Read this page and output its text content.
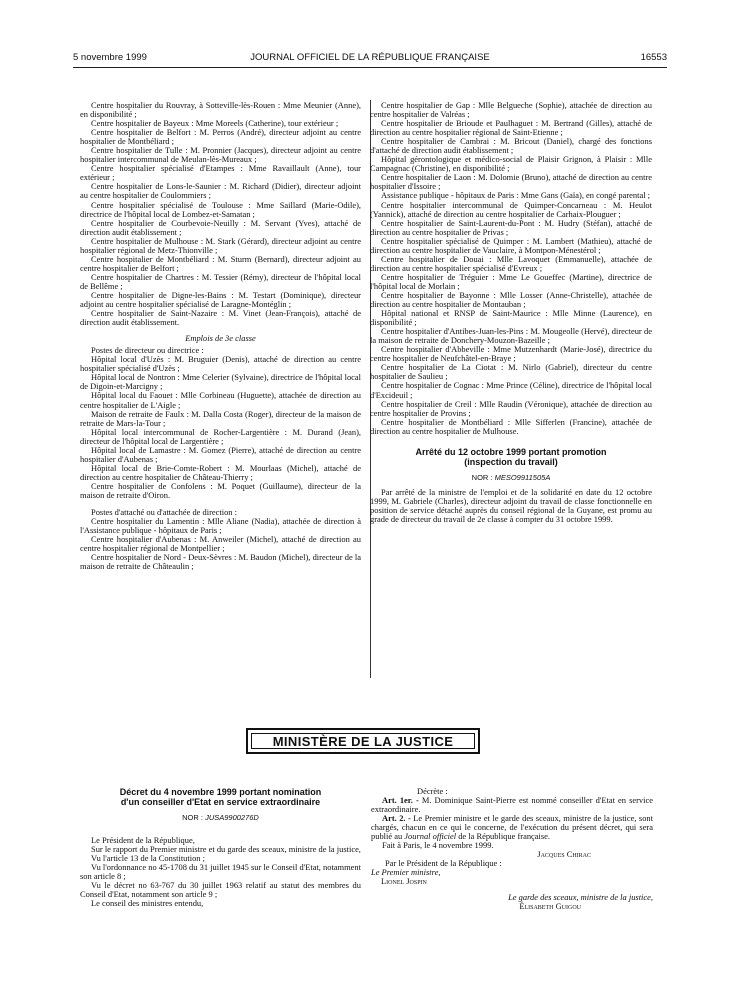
5 novembre 1999	JOURNAL OFFICIEL DE LA RÉPUBLIQUE FRANÇAISE	16553

Centre hospitalier du Rouvray, à Sotteville-lès-Rouen : Mme Meunier (Anne), en disponibilité ;

Centre hospitalier de Bayeux : Mme Moreels (Catherine), tour extérieur ;

Centre hospitalier de Belfort : M. Perros (André), directeur adjoint au centre hospitalier de Montbéliard ;

Centre hospitalier de Tulle : M. Pronnier (Jacques), directeur adjoint au centre hospitalier intercommunal de Meulan-lès-Mureaux ;

Centre hospitalier spécialisé d'Etampes : Mme Ravaillault (Anne), tour extérieur ;

Centre hospitalier de Lons-le-Saunier : M. Richard (Didier), directeur adjoint au centre hospitalier de Coulommiers ;

Centre hospitalier spécialisé de Toulouse : Mme Saillard (Marie-Odile), directrice de l'hôpital local de Lombez-et-Samatan ;

Centre hospitalier de Courbevoie-Neuilly : M. Servant (Yves), attaché de direction audit établissement ;

Centre hospitalier de Mulhouse : M. Stark (Gérard), directeur adjoint au centre hospitalier régional de Metz-Thionville ;

Centre hospitalier de Montbéliard : M. Sturm (Bernard), directeur adjoint au centre hospitalier de Belfort ;

Centre hospitalier de Chartres : M. Tessier (Rémy), directeur de l'hôpital local de Bellême ;

Centre hospitalier de Digne-les-Bains : M. Testart (Dominique), directeur adjoint au centre hospitalier spécialisé de Laragne-Montéglin ;

Centre hospitalier de Saint-Nazaire : M. Vinet (Jean-François), attaché de direction audit établissement.

Emplois de 3e classe

Postes de directeur ou directrice :

Hôpital local d'Uzès : M. Bruguier (Denis), attaché de direction au centre hospitalier spécialisé d'Uzès ;

Hôpital local de Nontron : Mme Celerier (Sylvaine), directrice de l'hôpital local de Digoin-et-Marcigny ;

Hôpital local du Faouet : Mlle Corbineau (Huguette), attachée de direction au centre hospitalier de L'Aigle ;

Maison de retraite de Faulx : M. Dalla Costa (Roger), directeur de la maison de retraite de Mars-la-Tour ;

Hôpital local intercommunal de Rocher-Largentière : M. Durand (Jean), directeur de l'hôpital local de Largentière ;

Hôpital local de Lamastre : M. Gomez (Pierre), attaché de direction au centre hospitalier d'Aubenas ;

Hôpital local de Brie-Comte-Robert : M. Mourlaas (Michel), attaché de direction au centre hospitalier de Château-Thierry ;

Centre hospitalier de Confolens : M. Poquet (Guillaume), directeur de la maison de retraite d'Oiron.

Postes d'attaché ou d'attachée de direction :

Centre hospitalier du Lamentin : Mlle Aliane (Nadia), attachée de direction à l'Assistance publique - hôpitaux de Paris ;

Centre hospitalier d'Aubenas : M. Anweiler (Michel), attaché de direction au centre hospitalier régional de Montpellier ;

Centre hospitalier de Nord - Deux-Sèvres : M. Baudon (Michel), directeur de la maison de retraite de Châteaulin ;

Centre hospitalier de Gap : Mlle Belgueche (Sophie), attachée de direction au centre hospitalier de Valréas ;

Centre hospitalier de Brioude et Paulhaguet : M. Bertrand (Gilles), attaché de direction au centre hospitalier régional de Saint-Etienne ;

Centre hospitalier de Cambrai : M. Bricout (Daniel), chargé des fonctions d'attaché de direction audit établissement ;

Hôpital gérontologique et médico-social de Plaisir Grignon, à Plaisir : Mlle Campagnac (Christine), en disponibilité ;

Centre hospitalier de Laon : M. Dolomie (Bruno), attaché de direction au centre hospitalier d'Issoire ;

Assistance publique - hôpitaux de Paris : Mme Gans (Gaïa), en congé parental ;

Centre hospitalier intercommunal de Quimper-Concarneau : M. Heulot (Yannick), attaché de direction au centre hospitalier de Carhaix-Plouguer ;

Centre hospitalier de Saint-Laurent-du-Pont : M. Hudry (Stéfan), attaché de direction au centre hospitalier de Privas ;

Centre hospitalier spécialisé de Quimper : M. Lambert (Mathieu), attaché de direction au centre hospitalier de Vauclaire, à Montpon-Ménestérol ;

Centre hospitalier de Douai : Mlle Lavoquet (Emmanuelle), attachée de direction au centre hospitalier spécialisé d'Evreux ;

Centre hospitalier de Tréguier : Mme Le Goueffec (Martine), directrice de l'hôpital local de Morlain ;

Centre hospitalier de Bayonne : Mlle Losser (Anne-Christelle), attachée de direction au centre hospitalier de Montauban ;

Hôpital national et RNSP de Saint-Maurice : Mlle Minne (Laurence), en disponibilité ;

Centre hospitalier d'Antibes-Juan-les-Pins : M. Mougeolle (Hervé), directeur de la maison de retraite de Donchery-Mouzon-Bazeille ;

Centre hospitalier d'Abbeville : Mme Mutzenhardt (Marie-José), directrice du centre hospitalier de Neufchâtel-en-Braye ;

Centre hospitalier de La Ciotat : M. Nirlo (Gabriel), directeur du centre hospitalier de Saulieu ;

Centre hospitalier de Cognac : Mme Prince (Céline), directrice de l'hôpital local d'Excideuil ;

Centre hospitalier de Creil : Mlle Raudin (Véronique), attachée de direction au centre hospitalier de Provins ;

Centre hospitalier de Montbéliard : Mlle Sifferlen (Francine), attachée de direction au centre hospitalier de Mulhouse.

Arrêté du 12 octobre 1999 portant promotion
(inspection du travail)

NOR : MESO9911505A

Par arrêté de la ministre de l'emploi et de la solidarité en date du 12 octobre 1999, M. Gabriele (Charles), directeur adjoint du travail de classe fonctionnelle en position de service détaché auprès du conseil régional de la Guyane, est promu au grade de directeur du travail de 2e classe à compter du 31 octobre 1999.

MINISTÈRE DE LA JUSTICE

Décret du 4 novembre 1999 portant nomination
d'un conseiller d'Etat en service extraordinaire

NOR : JUSA9900276D

Le Président de la République,

Sur le rapport du Premier ministre et du garde des sceaux, ministre de la justice,

Vu l'article 13 de la Constitution ;

Vu l'ordonnance no 45-1708 du 31 juillet 1945 sur le Conseil d'Etat, notamment son article 8 ;

Vu le décret no 63-767 du 30 juillet 1963 relatif au statut des membres du Conseil d'Etat, notamment son article 9 ;

Le conseil des ministres entendu,

Décrète :

Art. 1er. - M. Dominique Saint-Pierre est nommé conseiller d'Etat en service extraordinaire.

Art. 2. - Le Premier ministre et le garde des sceaux, ministre de la justice, sont chargés, chacun en ce qui le concerne, de l'exécution du présent décret, qui sera publié au Journal officiel de la République française.

Fait à Paris, le 4 novembre 1999.

Jacques Chirac

Par le Président de la République :

Le Premier ministre,

Lionel Jospin

Le garde des sceaux, ministre de la justice,

Élisabeth Guigou
